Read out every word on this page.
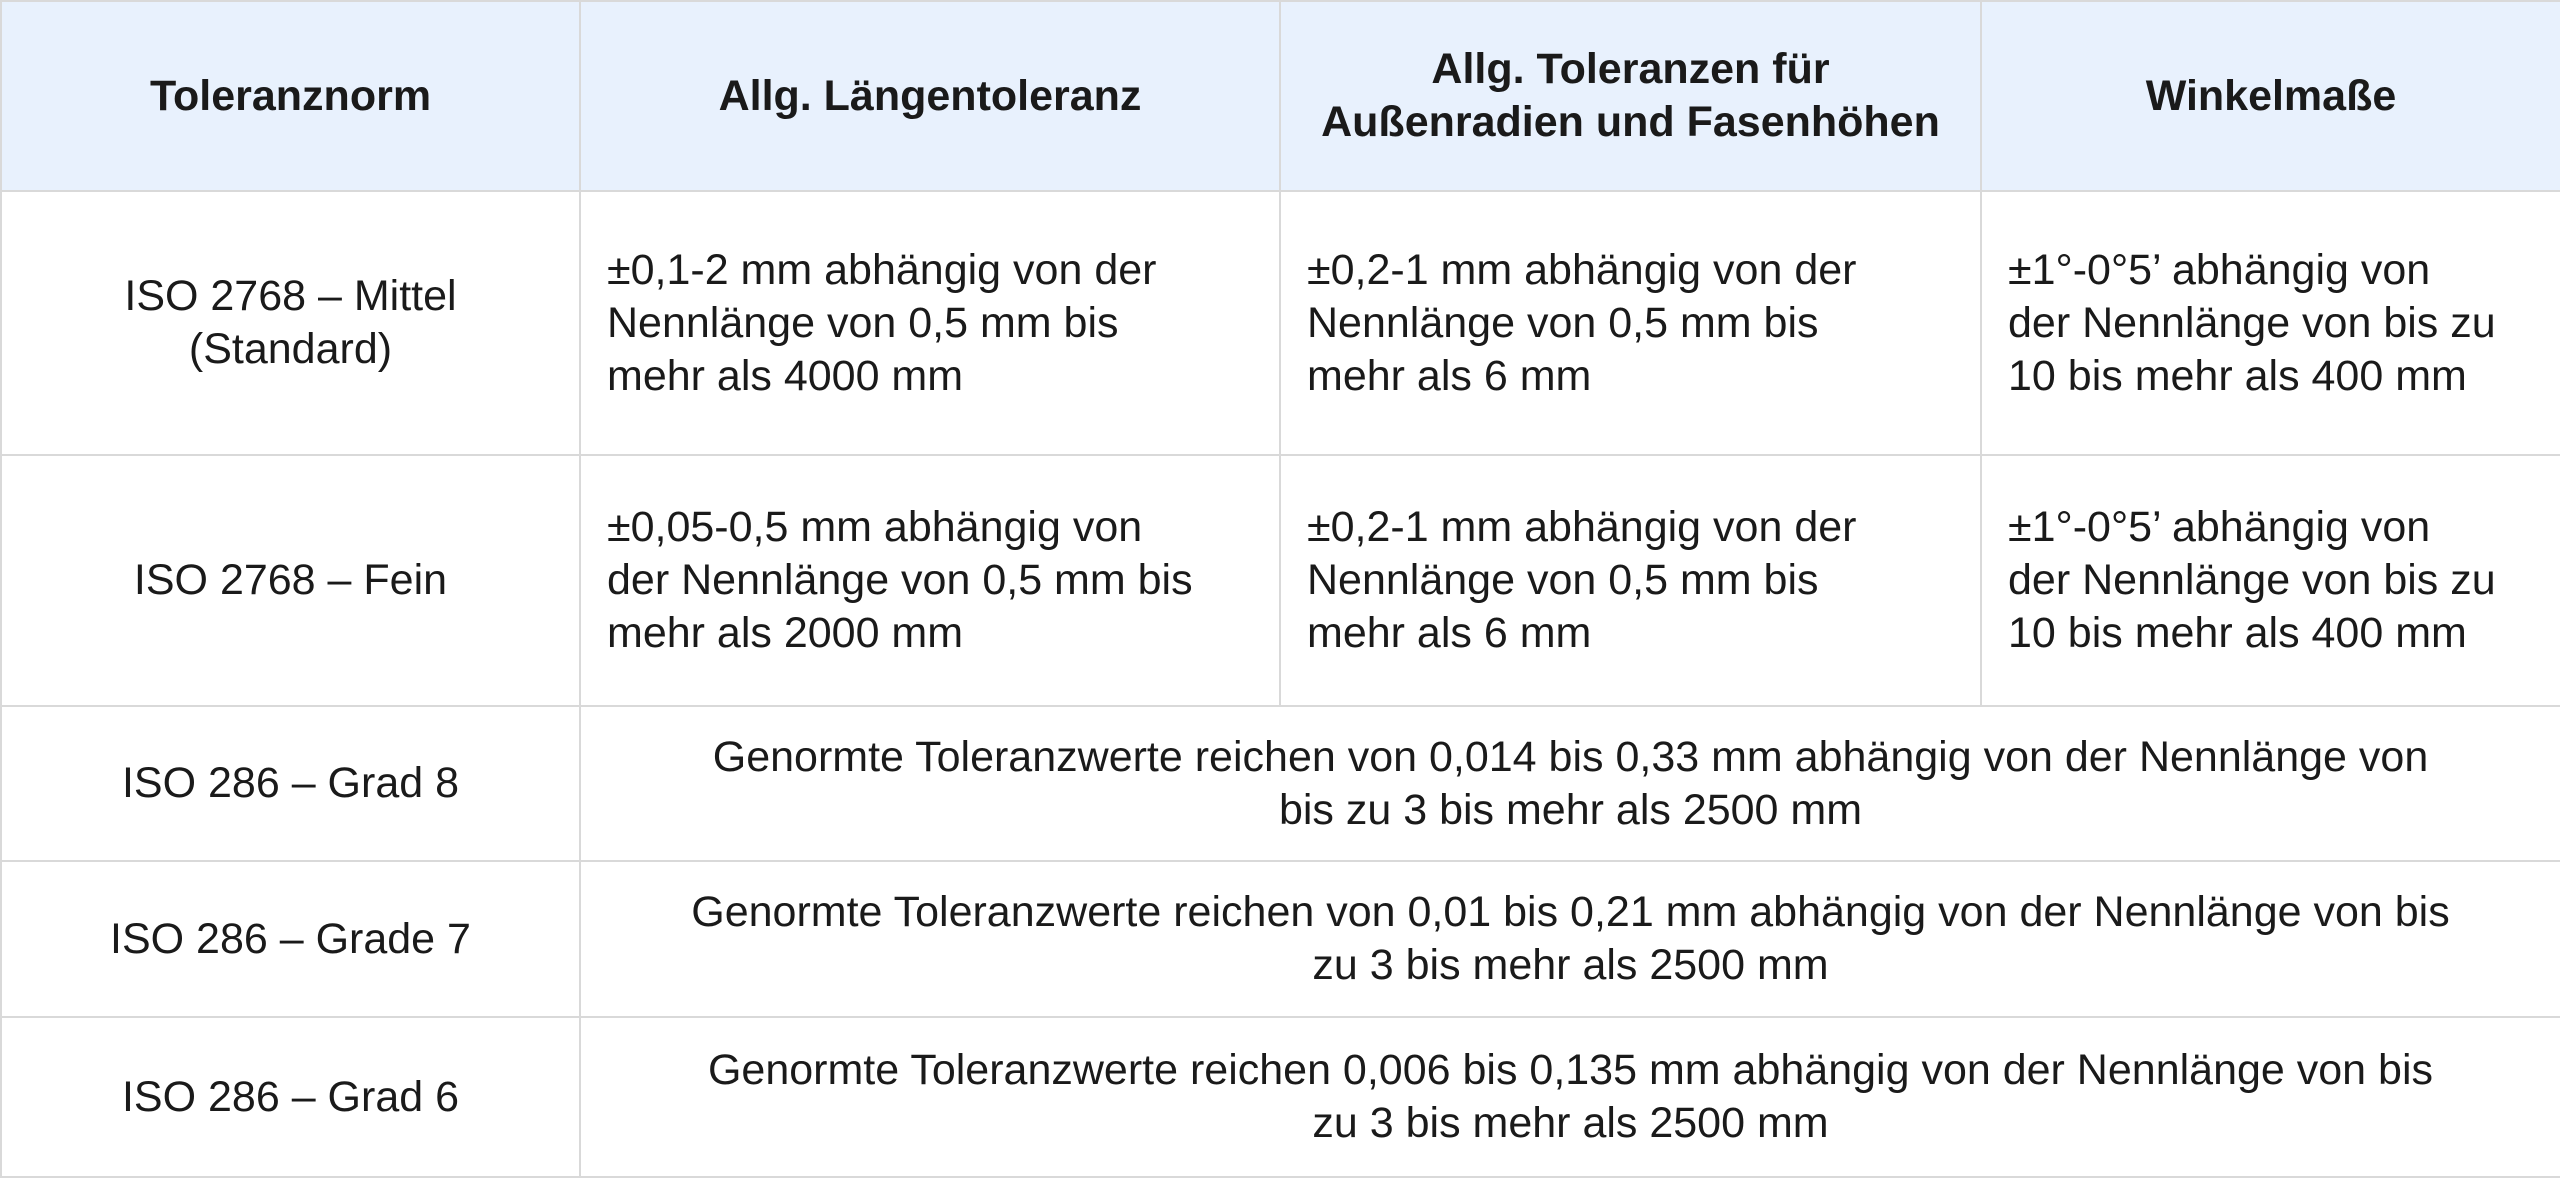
Toleranznorm	Allg. Längentoleranz	Allg. Toleranzen für
Außenradien und Fasenhöhen	Winkelmaße
ISO 2768 – Mittel
(Standard)	±0,1-2 mm abhängig von der
Nennlänge von 0,5 mm bis
mehr als 4000 mm	±0,2-1 mm abhängig von der
Nennlänge von 0,5 mm bis
mehr als 6 mm	±1°-0°5’ abhängig von
der Nennlänge von bis zu
10 bis mehr als 400 mm
ISO 2768 – Fein	±0,05-0,5 mm abhängig von
der Nennlänge von 0,5 mm bis
mehr als 2000 mm	±0,2-1 mm abhängig von der
Nennlänge von 0,5 mm bis
mehr als 6 mm	±1°-0°5’ abhängig von
der Nennlänge von bis zu
10 bis mehr als 400 mm
ISO 286 – Grad 8	Genormte Toleranzwerte reichen von 0,014 bis 0,33 mm abhängig von der Nennlänge von
bis zu 3 bis mehr als 2500 mm		
ISO 286 – Grade 7	Genormte Toleranzwerte reichen von 0,01 bis 0,21 mm abhängig von der Nennlänge von bis
zu 3 bis mehr als 2500 mm		
ISO 286 – Grad 6	Genormte Toleranzwerte reichen 0,006 bis 0,135 mm abhängig von der Nennlänge von bis
zu 3 bis mehr als 2500 mm		
